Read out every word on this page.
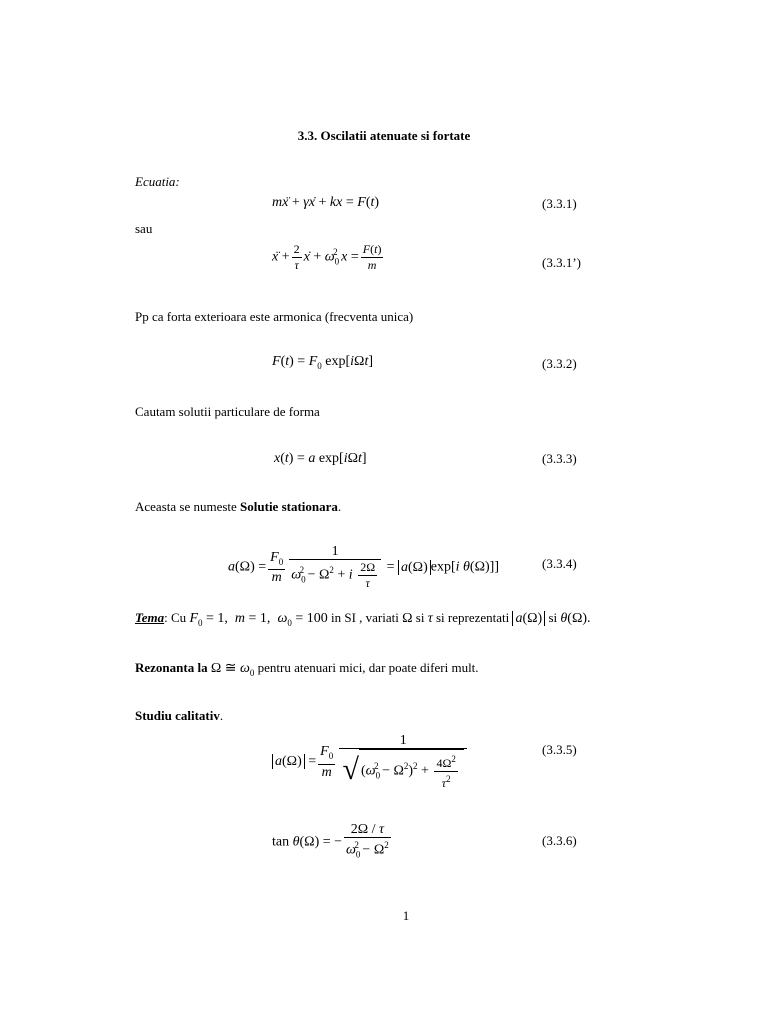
3.3. Oscilatii atenuate si fortate
Ecuatia:
mẍ + γẋ + kx = F(t)	(3.3.1)
sau
ẍ + $\frac{2}{\tau}$ ẋ + $\omega_0^2$ $x = \frac{F(t)}{m}$	(3.3.1’)
Pp ca forta exterioara este armonica (frecventa unica)
$F(t) = F_0$ exp[iΩt]	(3.3.2)
Cautam solutii particulare de forma
x(t) = a exp[iΩt]	(3.3.3)
Aceasta se numeste Solutie stationara.
$a(\Omega) = \frac{F_0}{m} \frac{1}{\omega_0^2 - \Omega^2 + i \frac{2\Omega}{\tau}} = a(\Omega)$ exp[i θ(Ω)]]	(3.3.4)
Tema: Cu $F_0 = 1$,  m = 1,  $\omega_0 = 100$ in SI , variati Ω si τ si reprezentati a(Ω) si θ(Ω).
Rezonanta la Ω ≅ $\omega_0$ pentru atenuari mici, dar poate diferi mult.
Studiu calitativ.
$a(\Omega) = \frac{F_0}{m} \frac{1}{√ (\omega_0^2 - \Omega^2)^2 + \frac{4\Omega^2}{\tau^2}}$	(3.3.5)
tan θ(Ω) = − $\frac{2\Omega / \tau}{\omega_0^2 - \Omega^2}$	(3.3.6)
1
